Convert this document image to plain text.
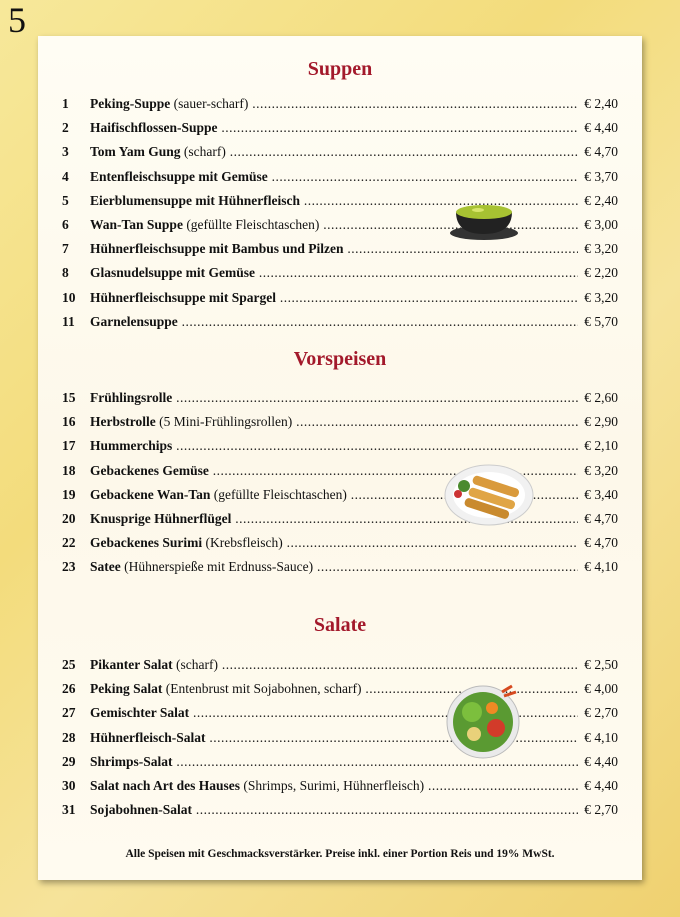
5
Suppen
1	Peking-Suppe (sauer-scharf) .....	€ 2,40
2	Haifischflossen-Suppe .....	€ 4,40
3	Tom Yam Gung (scharf) .....	€ 4,70
4	Entenfleischsuppe mit Gemüse .....	€ 3,70
5	Eierblumensuppe mit Hühnerfleisch .....	€ 2,40
6	Wan-Tan Suppe (gefüllte Fleischtaschen) .....	€ 3,00
7	Hühnerfleischsuppe mit Bambus und Pilzen .....	€ 3,20
8	Glasnudelsuppe mit Gemüse .....	€ 2,20
10	Hühnerfleischsuppe mit Spargel .....	€ 3,20
11	Garnelensuppe .....	€ 5,70
Vorspeisen
15	Frühlingsrolle .....	€ 2,60
16	Herbstrolle (5 Mini-Frühlingsrollen) .....	€ 2,90
17	Hummerchips .....	€ 2,10
18	Gebackenes Gemüse .....	€ 3,20
19	Gebackene Wan-Tan (gefüllte Fleischtaschen) .....	€ 3,40
20	Knusprige Hühnerflügel .....	€ 4,70
22	Gebackenes Surimi (Krebsfleisch) .....	€ 4,70
23	Satee (Hühnerspieße mit Erdnuss-Sauce) .....	€ 4,10
Salate
25	Pikanter Salat (scharf) .....	€ 2,50
26	Peking Salat (Entenbrust mit Sojabohnen, scharf) .....	€ 4,00
27	Gemischter Salat .....	€ 2,70
28	Hühnerfleisch-Salat .....	€ 4,10
29	Shrimps-Salat .....	€ 4,40
30	Salat nach Art des Hauses (Shrimps, Surimi, Hühnerfleisch) .....	€ 4,40
31	Sojabohnen-Salat .....	€ 2,70
Alle Speisen mit Geschmacksverstärker. Preise inkl. einer Portion Reis und 19% MwSt.
